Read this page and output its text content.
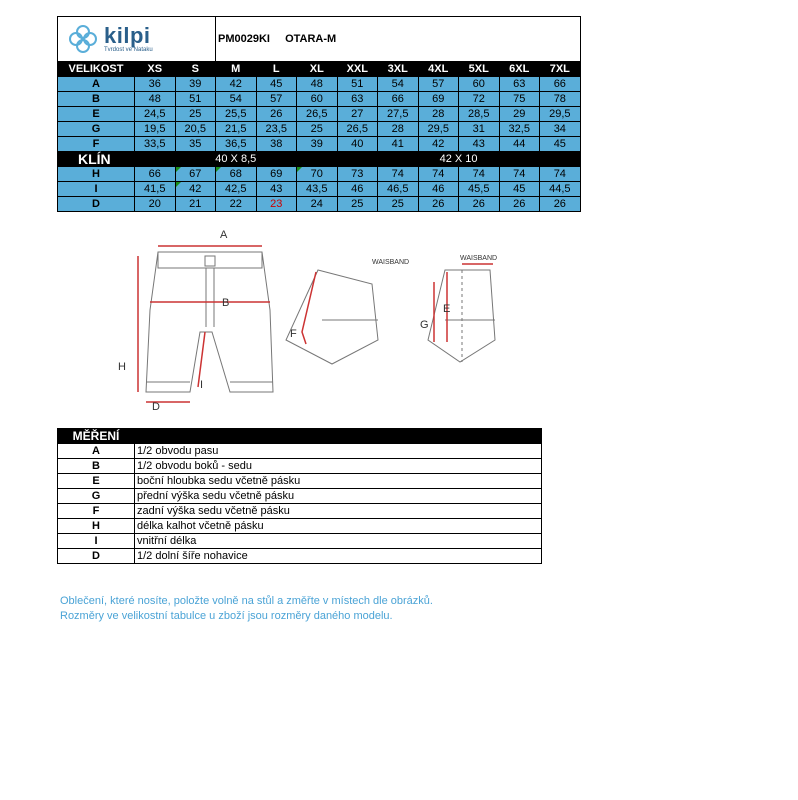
kilpi
Tvrdost ve Nataku			PM0029KI OTARA-M								
VELIKOST	XS	S	M	L	XL	XXL	3XL	4XL	5XL	6XL	7XL
A	36	39	42	45	48	51	54	57	60	63	66
B	48	51	54	57	60	63	66	69	72	75	78
E	24,5	25	25,5	26	26,5	27	27,5	28	28,5	29	29,5
G	19,5	20,5	21,5	23,5	25	26,5	28	29,5	31	32,5	34
F	33,5	35	36,5	38	39	40	41	42	43	44	45
KLÍN	40 X 8,5					42 X 10					
H	66	67	68	69	70	73	74	74	74	74	74
I	41,5	42	42,5	43	43,5	46	46,5	46	45,5	45	44,5
D	20	21	22	23	24	25	25	26	26	26	26
A
B
H
I
D
F
G
E
WAISBAND
WAISBAND
MĚŘENÍ	
A	1/2 obvodu pasu
B	1/2 obvodu boků - sedu
E	boční hloubka sedu včetně pásku
G	přední výška sedu včetně pásku
F	zadní výška sedu včetně pásku
H	délka kalhot včetně pásku
I	vnitřní délka
D	1/2 dolní šíře nohavice
Oblečení, které nosíte, položte volně na stůl a změřte v místech dle obrázků.
Rozměry ve velikostní tabulce u zboží jsou rozměry daného modelu.
